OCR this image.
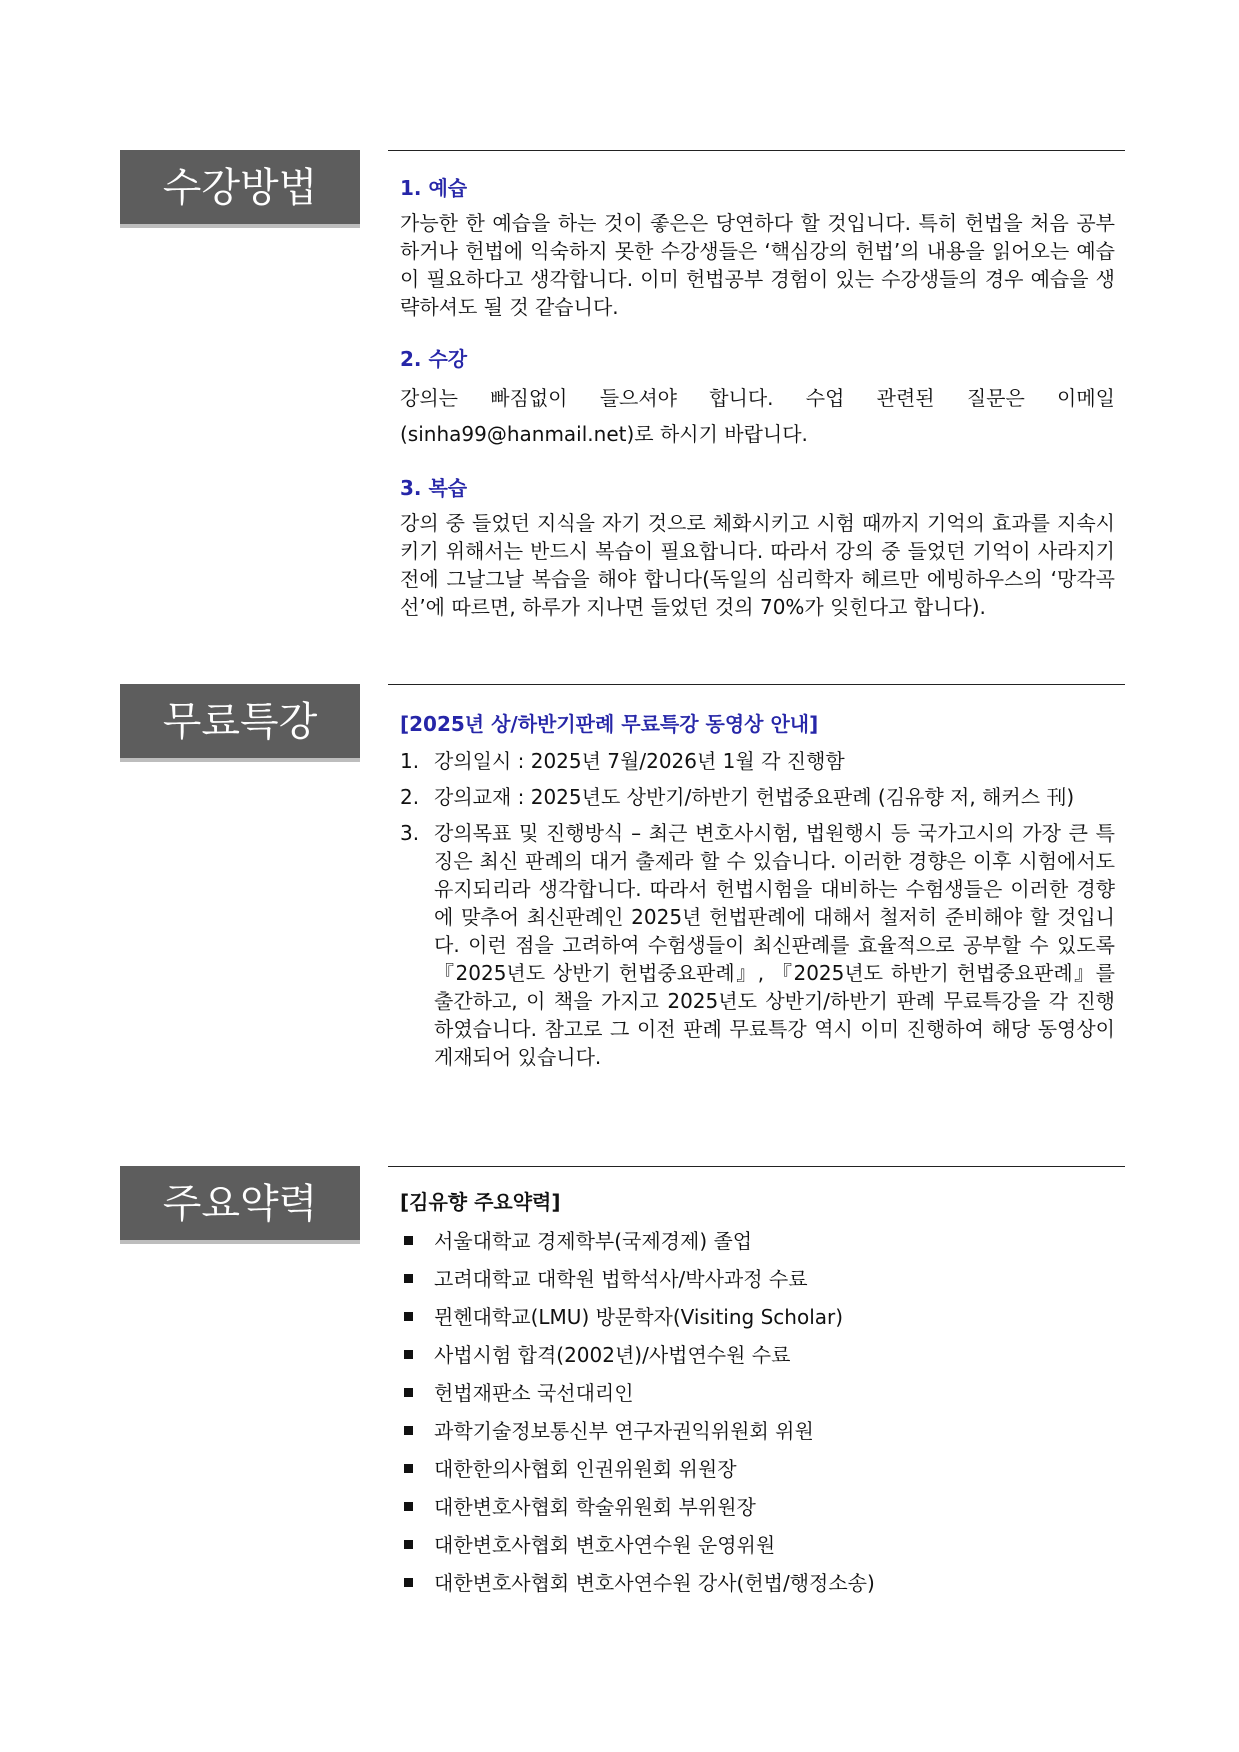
수강방법	1. 예습

가능한 한 예습을 하는 것이 좋은은 당연하다 할 것입니다. 특히 헌법을 처음 공부하거나 헌법에 익숙하지 못한 수강생들은 ‘핵심강의 헌법’의 내용을 읽어오는 예습이 필요하다고 생각합니다. 이미 헌법공부 경험이 있는 수강생들의 경우 예습을 생략하셔도 될 것 같습니다.

2. 수강

강의는 빠짐없이 들으셔야 합니다. 수업 관련된 질문은 이메일 (sinha99@hanmail.net)로 하시기 바랍니다.

3. 복습

강의 중 들었던 지식을 자기 것으로 체화시키고 시험 때까지 기억의 효과를 지속시키기 위해서는 반드시 복습이 필요합니다. 따라서 강의 중 들었던 기억이 사라지기 전에 그날그날 복습을 해야 합니다(독일의 심리학자 헤르만 에빙하우스의 ‘망각곡선’에 따르면, 하루가 지나면 들었던 것의 70%가 잊힌다고 합니다).

무료특강	[2025년 상/하반기판례 무료특강 동영상 안내]
1. 강의일시 : 2025년 7월/2026년 1월 각 진행함
2. 강의교재 : 2025년도 상반기/하반기 헌법중요판례 (김유향 저, 해커스 刊)
3. 강의목표 및 진행방식 – 최근 변호사시험, 법원행시 등 국가고시의 가장 큰 특징은 최신 판례의 대거 출제라 할 수 있습니다. 이러한 경향은 이후 시험에서도 유지되리라 생각합니다. 따라서 헌법시험을 대비하는 수험생들은 이러한 경향에 맞추어 최신판례인 2025년 헌법판례에 대해서 철저히 준비해야 할 것입니다. 이런 점을 고려하여 수험생들이 최신판례를 효율적으로 공부할 수 있도록 『2025년도 상반기 헌법중요판례』, 『2025년도 하반기 헌법중요판례』를 출간하고, 이 책을 가지고 2025년도 상반기/하반기 판례 무료특강을 각 진행하였습니다. 참고로 그 이전 판례 무료특강 역시 이미 진행하여 해당 동영상이 게재되어 있습니다.
주요약력	[김유향 주요약력]
서울대학교 경제학부(국제경제) 졸업
고려대학교 대학원 법학석사/박사과정 수료
뮌헨대학교(LMU) 방문학자(Visiting Scholar)
사법시험 합격(2002년)/사법연수원 수료
헌법재판소 국선대리인
과학기술정보통신부 연구자권익위원회 위원
대한한의사협회 인권위원회 위원장
대한변호사협회 학술위원회 부위원장
대한변호사협회 변호사연수원 운영위원
대한변호사협회 변호사연수원 강사(헌법/행정소송)
